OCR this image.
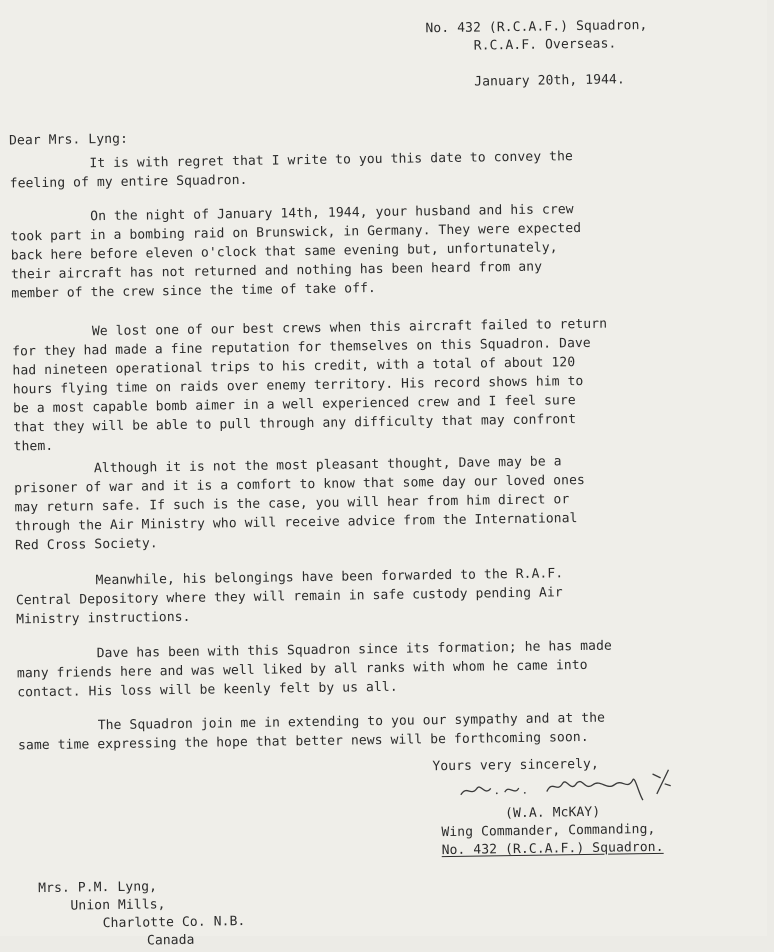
No. 432 (R.C.A.F.) Squadron,
R.C.A.F. Overseas.
January 20th, 1944.
Dear Mrs. Lyng:
It is with regret that I write to you this date to convey the
feeling of my entire Squadron.
On the night of January 14th, 1944, your husband and his crew
took part in a bombing raid on Brunswick, in Germany. They were expected
back here before eleven o'clock that same evening but, unfortunately,
their aircraft has not returned and nothing has been heard from any
member of the crew since the time of take off.
We lost one of our best crews when this aircraft failed to return
for they had made a fine reputation for themselves on this Squadron. Dave
had nineteen operational trips to his credit, with a total of about 120
hours flying time on raids over enemy territory. His record shows him to
be a most capable bomb aimer in a well experienced crew and I feel sure
that they will be able to pull through any difficulty that may confront
them.
Although it is not the most pleasant thought, Dave may be a
prisoner of war and it is a comfort to know that some day our loved ones
may return safe. If such is the case, you will hear from him direct or
through the Air Ministry who will receive advice from the International
Red Cross Society.
Meanwhile, his belongings have been forwarded to the R.A.F.
Central Depository where they will remain in safe custody pending Air
Ministry instructions.
Dave has been with this Squadron since its formation; he has made
many friends here and was well liked by all ranks with whom he came into
contact. His loss will be keenly felt by us all.
The Squadron join me in extending to you our sympathy and at the
same time expressing the hope that better news will be forthcoming soon.
Yours very sincerely,
(W.A. McKAY)
Wing Commander, Commanding,
No. 432 (R.C.A.F.) Squadron.
Mrs. P.M. Lyng,
Union Mills,
Charlotte Co. N.B.
Canada
